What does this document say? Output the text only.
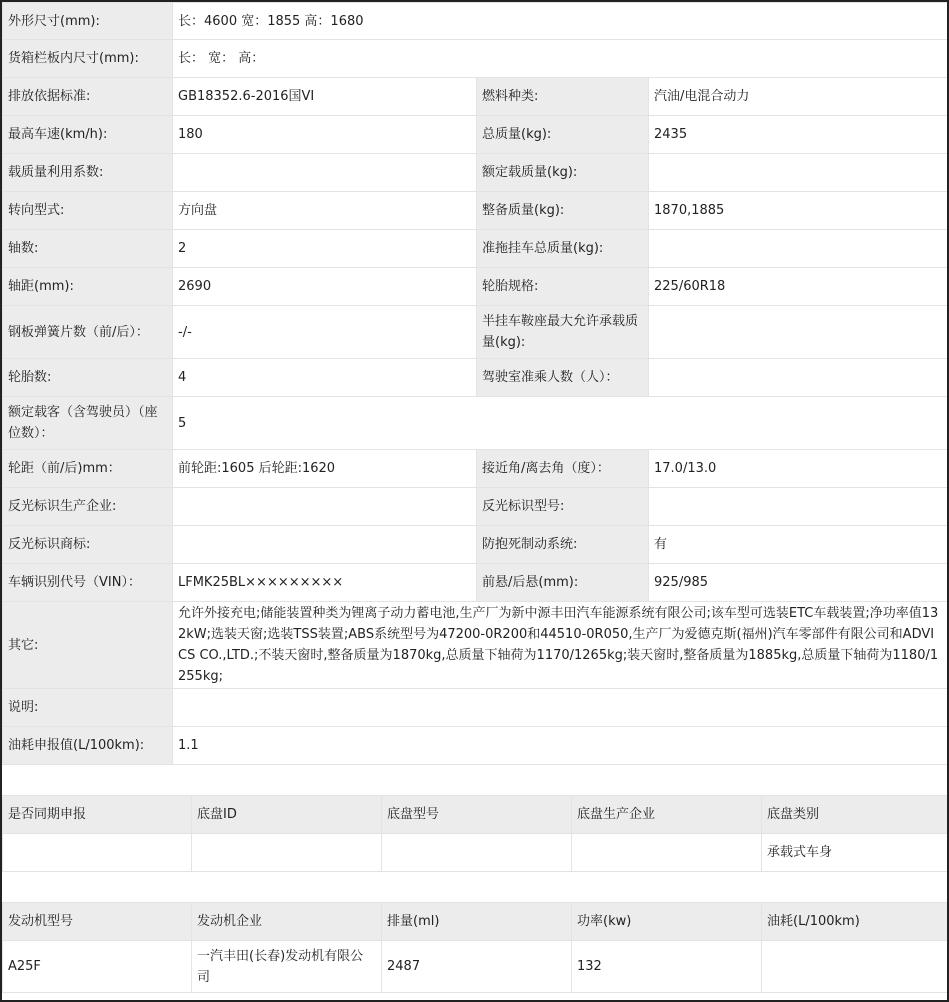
外形尺寸(mm):	长：4600 宽：1855 高：1680		
货箱栏板内尺寸(mm):	长： 宽： 高：		
排放依据标准:	GB18352.6-2016国VI	燃料种类:	汽油/电混合动力
最高车速(km/h):	180	总质量(kg):	2435
载质量利用系数:		额定载质量(kg):	
转向型式:	方向盘	整备质量(kg):	1870,1885
轴数:	2	准拖挂车总质量(kg):	
轴距(mm):	2690	轮胎规格:	225/60R18
钢板弹簧片数（前/后）：	-/-	半挂车鞍座最大允许承载质量(kg):	
轮胎数:	4	驾驶室准乘人数（人）：	
额定载客（含驾驶员）（座位数）：	5		
轮距（前/后)mm：	前轮距:1605 后轮距:1620	接近角/离去角（度）：	17.0/13.0
反光标识生产企业:		反光标识型号:	
反光标识商标:		防抱死制动系统:	有
车辆识别代号（VIN）：	LFMK25BL×××××××××	前悬/后悬(mm):	925/985
其它:	允许外接充电;储能装置种类为锂离子动力蓄电池,生产厂为新中源丰田汽车能源系统有限公司;该车型可选装ETC车载装置;净功率值132kW;选装天窗;选装TSS装置;ABS系统型号为47200-0R200和44510-0R050,生产厂为爱德克斯(福州)汽车零部件有限公司和ADVICS CO.,LTD.;不装天窗时,整备质量为1870kg,总质量下轴荷为1170/1265kg;装天窗时,整备质量为1885kg,总质量下轴荷为1180/1255kg;		
说明:			
油耗申报值(L/100km):	1.1		
是否同期申报	底盘ID	底盘型号	底盘生产企业	底盘类别
				承载式车身
发动机型号	发动机企业	排量(ml)	功率(kw)	油耗(L/100km)
A25F	一汽丰田(长春)发动机有限公司	2487	132	
